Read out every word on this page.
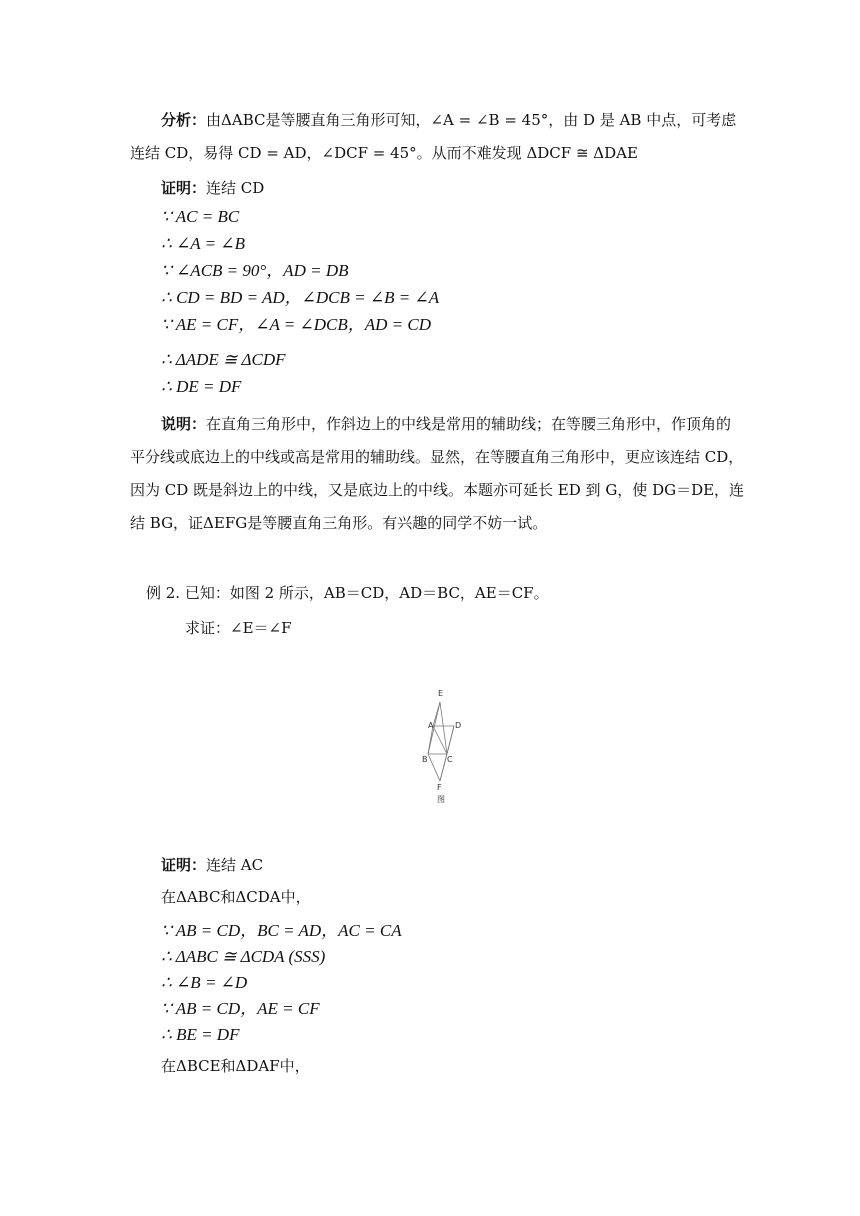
分析：由ΔABC是等腰直角三角形可知，∠A = ∠B = 45°，由 D 是 AB 中点，可考虑
连结 CD，易得 CD = AD，∠DCF = 45°。从而不难发现 ΔDCF ≅ ΔDAE
证明：连结 CD
∵ AC = BC
∴ ∠A = ∠B
∵ ∠ACB = 90°，AD = DB
∴ CD = BD = AD，∠DCB = ∠B = ∠A
∵ AE = CF，∠A = ∠DCB，AD = CD
∴ ΔADE ≅ ΔCDF
∴ DE = DF
说明：在直角三角形中，作斜边上的中线是常用的辅助线；在等腰三角形中，作顶角的
平分线或底边上的中线或高是常用的辅助线。显然，在等腰直角三角形中，更应该连结 CD，
因为 CD 既是斜边上的中线，又是底边上的中线。本题亦可延长 ED 到 G，使 DG＝DE，连
结 BG，证ΔEFG是等腰直角三角形。有兴趣的同学不妨一试。
例 2. 已知：如图 2 所示，AB＝CD，AD＝BC，AE＝CF。
求证：∠E＝∠F
E
A	D
B C
F
图
证明：连结 AC
在ΔABC和ΔCDA中，
∵ AB = CD，BC = AD，AC = CA
∴ ΔABC ≅ ΔCDA (SSS)
∴ ∠B = ∠D
∵ AB = CD，AE = CF
∴ BE = DF
在ΔBCE和ΔDAF中，
